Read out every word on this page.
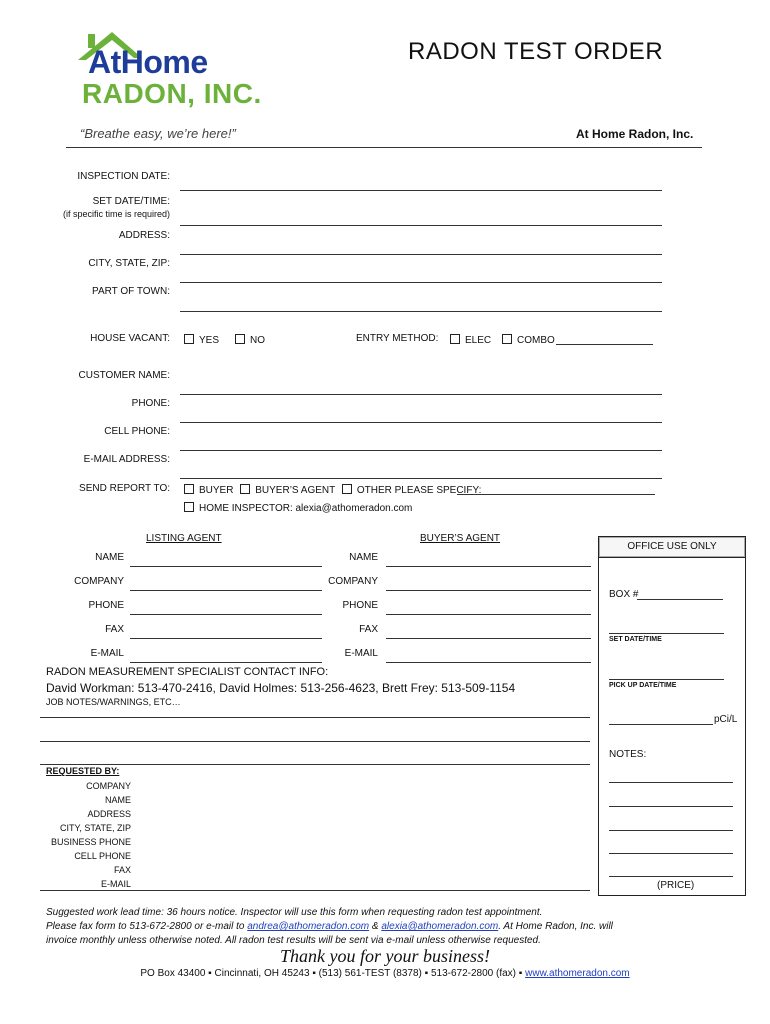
AtHome
RADON, INC.
RADON TEST ORDER
“Breathe easy, we’re here!”	At Home Radon, Inc.
INSPECTION DATE:
SET DATE/TIME:
(if specific time is required)
ADDRESS:
CITY, STATE, ZIP:
PART OF TOWN:
HOUSE VACANT:	YES	NO	ENTRY METHOD:	ELEC	COMBO
CUSTOMER NAME:
PHONE:
CELL PHONE:
E-MAIL ADDRESS:
SEND REPORT TO:	BUYER BUYER’S AGENT OTHER PLEASE SPECIFY:
HOME INSPECTOR: alexia@athomeradon.com
LISTING AGENT	BUYER’S AGENT
NAME
COMPANY
PHONE
FAX
E-MAIL
NAME
COMPANY
PHONE
FAX
E-MAIL
RADON MEASUREMENT SPECIALIST CONTACT INFO:
David Workman: 513-470-2416, David Holmes: 513-256-4623, Brett Frey: 513-509-1154
JOB NOTES/WARNINGS, ETC…
REQUESTED BY:
COMPANY
NAME
ADDRESS
CITY, STATE, ZIP
BUSINESS PHONE
CELL PHONE
FAX
E-MAIL
OFFICE USE ONLY
BOX #
SET DATE/TIME
PICK UP DATE/TIME
pCi/L
NOTES:
(PRICE)
Suggested work lead time: 36 hours notice. Inspector will use this form when requesting radon test appointment.
Please fax form to 513-672-2800 or e-mail to andrea@athomeradon.com & alexia@athomeradon.com. At Home Radon, Inc. will
invoice monthly unless otherwise noted. All radon test results will be sent via e-mail unless otherwise requested.
Thank you for your business!
PO Box 43400 ▪ Cincinnati, OH 45243 ▪ (513) 561-TEST (8378) ▪ 513-672-2800 (fax) ▪ www.athomeradon.com
